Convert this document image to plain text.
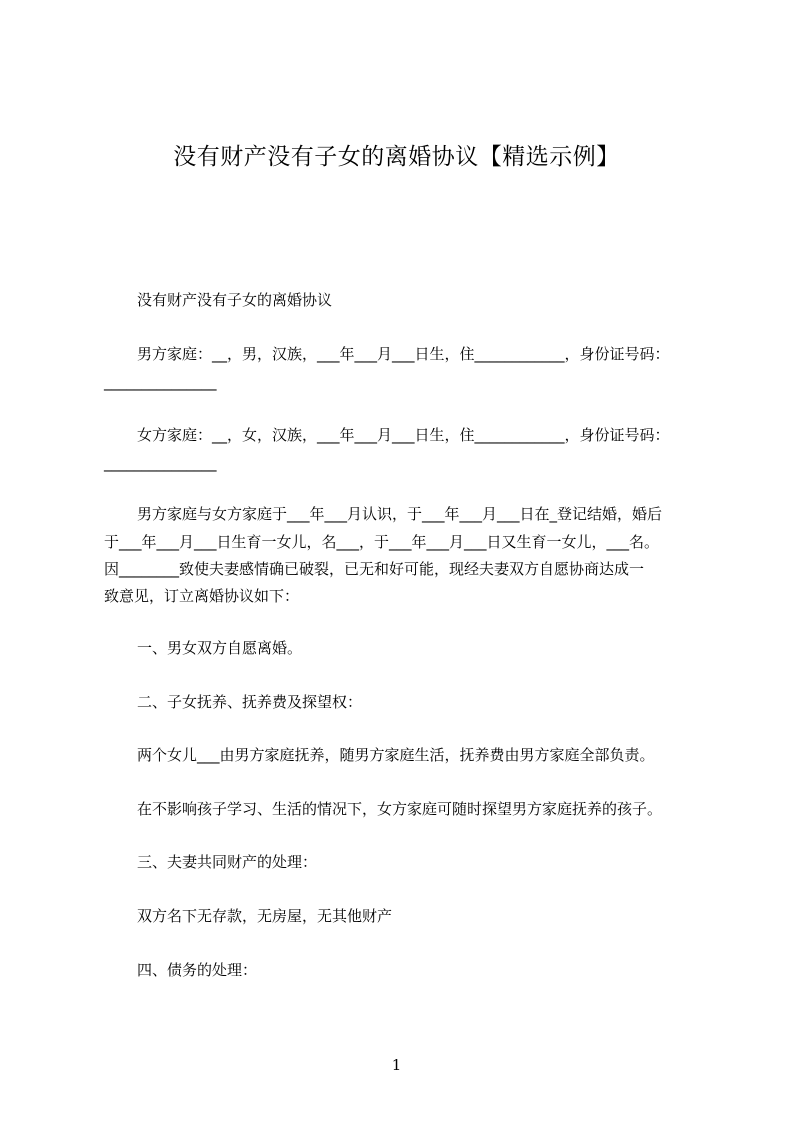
没有财产没有子女的离婚协议【精选示例】
没有财产没有子女的离婚协议
男方家庭：__，男，汉族，___年___月___日生，住____________，身份证号码：
_______________
女方家庭：__，女，汉族，___年___月___日生，住____________，身份证号码：
_______________
男方家庭与女方家庭于___年___月认识，于___年___月___日在_登记结婚，婚后
于___年___月___日生育一女儿，名___，于___年___月___日又生育一女儿，___名。
因________致使夫妻感情确已破裂，已无和好可能，现经夫妻双方自愿协商达成一
致意见，订立离婚协议如下：
一、男女双方自愿离婚。
二、子女抚养、抚养费及探望权：
两个女儿___由男方家庭抚养，随男方家庭生活，抚养费由男方家庭全部负责。
在不影响孩子学习、生活的情况下，女方家庭可随时探望男方家庭抚养的孩子。
三、夫妻共同财产的处理：
双方名下无存款，无房屋，无其他财产
四、债务的处理：
1
